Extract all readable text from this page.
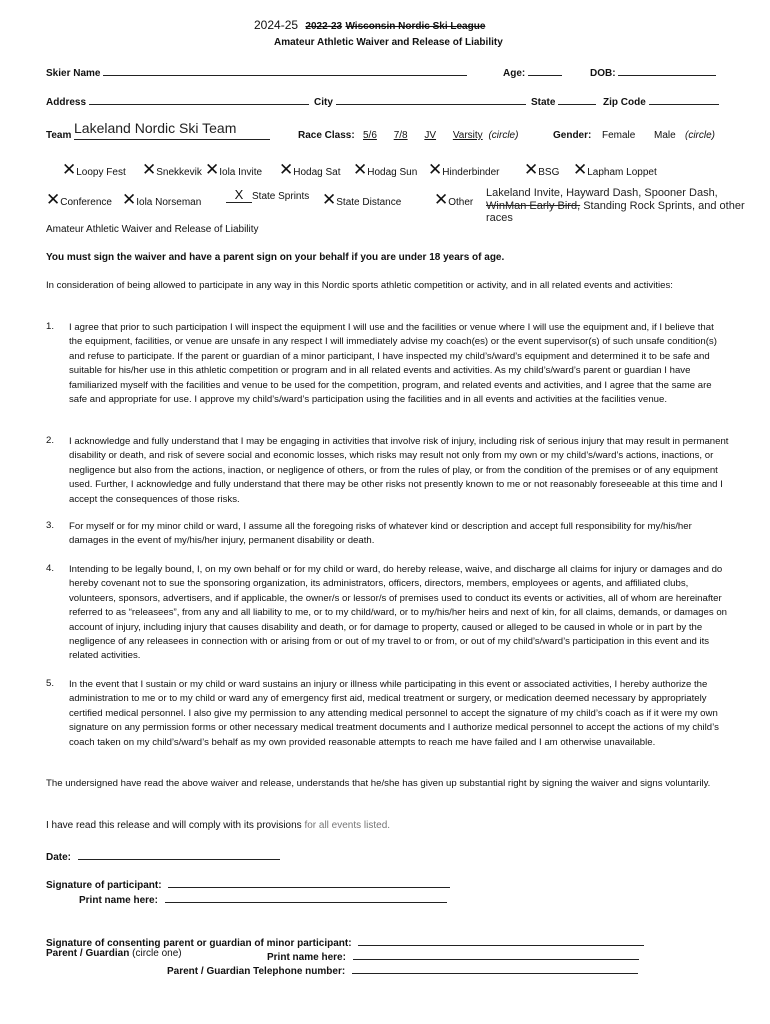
2024-25 2022-23 Wisconsin Nordic Ski League
Amateur Athletic Waiver and Release of Liability
Skier Name	Age:	DOB:
Address	City	State	Zip Code
Team Lakeland Nordic Ski Team	Race Class: 5/6 7/8 JV Varsity (circle)	Gender: Female Male (circle)
✕Loopy Fest ✕Snekkevik ✕Iola Invite ✕Hodag Sat ✕Hodag Sun ✕Hinderbinder ✕BSG ✕Lapham Loppet
✕Conference ✕Iola Norseman
X State Sprints ✕State Distance ✕Other
Lakeland Invite, Hayward Dash, Spooner Dash,
WinMan Early Bird, Standing Rock Sprints, and other
races
Amateur Athletic Waiver and Release of Liability
You must sign the waiver and have a parent sign on your behalf if you are under 18 years of age.
In consideration of being allowed to participate in any way in this Nordic sports athletic competition or activity, and in all related events and activities:
1. I agree that prior to such participation I will inspect the equipment I will use and the facilities or venue where I will use the equipment and, if I believe that the equipment, facilities, or venue are unsafe in any respect I will immediately advise my coach(es) or the event supervisor(s) of such unsafe condition(s) and refuse to participate. If the parent or guardian of a minor participant, I have inspected my child’s/ward’s equipment and determined it to be safe and suitable for his/her use in this athletic competition or program and in all related events and activities. As my child’s/ward’s parent or guardian I have familiarized myself with the facilities and venue to be used for the competition, program, and related events and activities, and I agree that the same are safe and appropriate for use. I approve my child’s/ward’s participation using the facilities and in all events and activities at the facilities venue.
2. I acknowledge and fully understand that I may be engaging in activities that involve risk of injury, including risk of serious injury that may result in permanent disability or death, and risk of severe social and economic losses, which risks may result not only from my own or my child’s/ward’s actions, inactions, or negligence but also from the actions, inaction, or negligence of others, or from the rules of play, or from the condition of the premises or of any equipment used. Further, I acknowledge and fully understand that there may be other risks not presently known to me or not reasonably foreseeable at this time and I accept the consequences of those risks.
3. For myself or for my minor child or ward, I assume all the foregoing risks of whatever kind or description and accept full responsibility for my/his/her damages in the event of my/his/her injury, permanent disability or death.
4. Intending to be legally bound, I, on my own behalf or for my child or ward, do hereby release, waive, and discharge all claims for injury or damages and do hereby covenant not to sue the sponsoring organization, its administrators, officers, directors, members, employees or agents, and affiliated clubs, volunteers, sponsors, advertisers, and if applicable, the owner/s or lessor/s of premises used to conduct its events or activities, all of whom are hereinafter referred to as “releasees”, from any and all liability to me, or to my child/ward, or to my/his/her heirs and next of kin, for all claims, demands, or damages on account of injury, including injury that causes disability and death, or for damage to property, caused or alleged to be caused in whole or in part by the negligence of any releasees in connection with or arising from or out of my travel to or from, or out of my child’s/ward’s participation in this event and its related activities.
5. In the event that I sustain or my child or ward sustains an injury or illness while participating in this event or associated activities, I hereby authorize the administration to me or to my child or ward any of emergency first aid, medical treatment or surgery, or medication deemed necessary by appropriately certified medical personnel. I also give my permission to any attending medical personnel to accept the signature of my child’s coach as if it were my own signature on any permission forms or other necessary medical treatment documents and I authorize medical personnel to accept the actions of my child’s coach taken on my child’s/ward’s behalf as my own provided reasonable attempts to reach me have failed and I am otherwise unavailable.
The undersigned have read the above waiver and release, understands that he/she has given up substantial right by signing the waiver and signs voluntarily.
I have read this release and will comply with its provisions for all events listed.
Date:
Signature of participant:
Print name here:
Signature of consenting parent or guardian of minor participant:
Parent / Guardian (circle one)	Print name here:
Parent / Guardian Telephone number:
